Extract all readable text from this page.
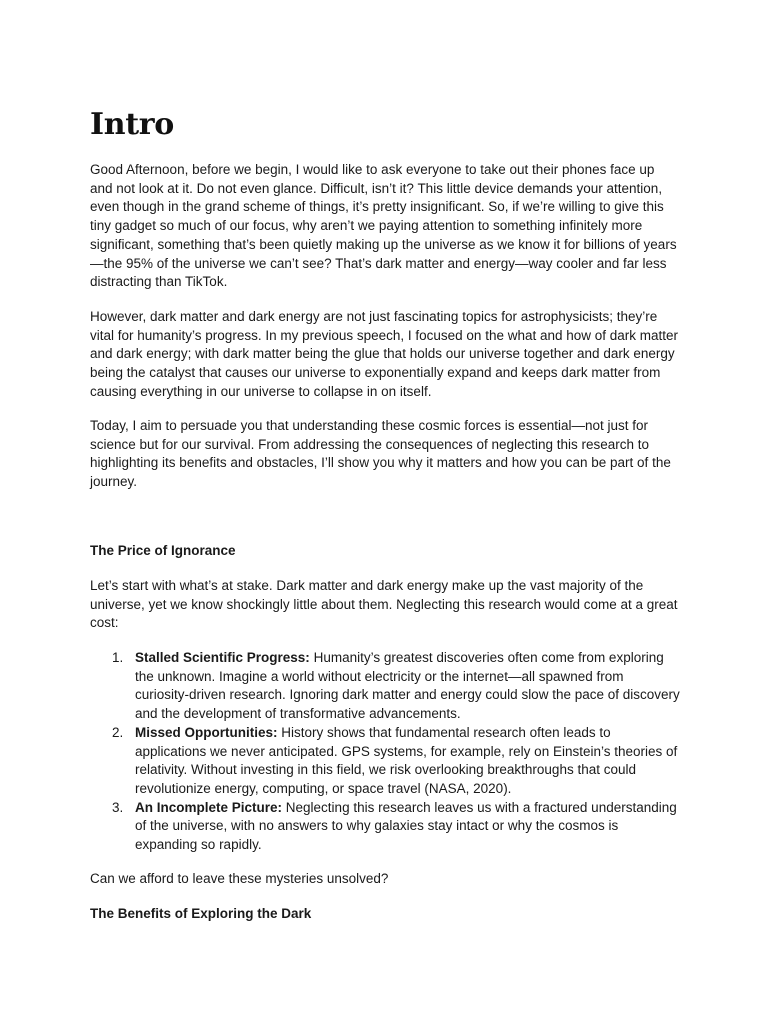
Intro

Good Afternoon, before we begin, I would like to ask everyone to take out their phones face up and not look at it. Do not even glance. Difficult, isn’t it? This little device demands your attention, even though in the grand scheme of things, it’s pretty insignificant. So, if we’re willing to give this tiny gadget so much of our focus, why aren’t we paying attention to something infinitely more significant, something that’s been quietly making up the universe as we know it for billions of years—the 95% of the universe we can’t see? That’s dark matter and energy—way cooler and far less distracting than TikTok.

However, dark matter and dark energy are not just fascinating topics for astrophysicists; they’re vital for humanity’s progress. In my previous speech, I focused on the what and how of dark matter and dark energy; with dark matter being the glue that holds our universe together and dark energy being the catalyst that causes our universe to exponentially expand and keeps dark matter from causing everything in our universe to collapse in on itself.

Today, I aim to persuade you that understanding these cosmic forces is essential—not just for science but for our survival. From addressing the consequences of neglecting this research to highlighting its benefits and obstacles, I’ll show you why it matters and how you can be part of the journey.

The Price of Ignorance

Let’s start with what’s at stake. Dark matter and dark energy make up the vast majority of the universe, yet we know shockingly little about them. Neglecting this research would come at a great cost:

1. Stalled Scientific Progress: Humanity’s greatest discoveries often come from exploring the unknown. Imagine a world without electricity or the internet—all spawned from curiosity-driven research. Ignoring dark matter and energy could slow the pace of discovery and the development of transformative advancements.
2. Missed Opportunities: History shows that fundamental research often leads to applications we never anticipated. GPS systems, for example, rely on Einstein’s theories of relativity. Without investing in this field, we risk overlooking breakthroughs that could revolutionize energy, computing, or space travel (NASA, 2020).
3. An Incomplete Picture: Neglecting this research leaves us with a fractured understanding of the universe, with no answers to why galaxies stay intact or why the cosmos is expanding so rapidly.

Can we afford to leave these mysteries unsolved?

The Benefits of Exploring the Dark
